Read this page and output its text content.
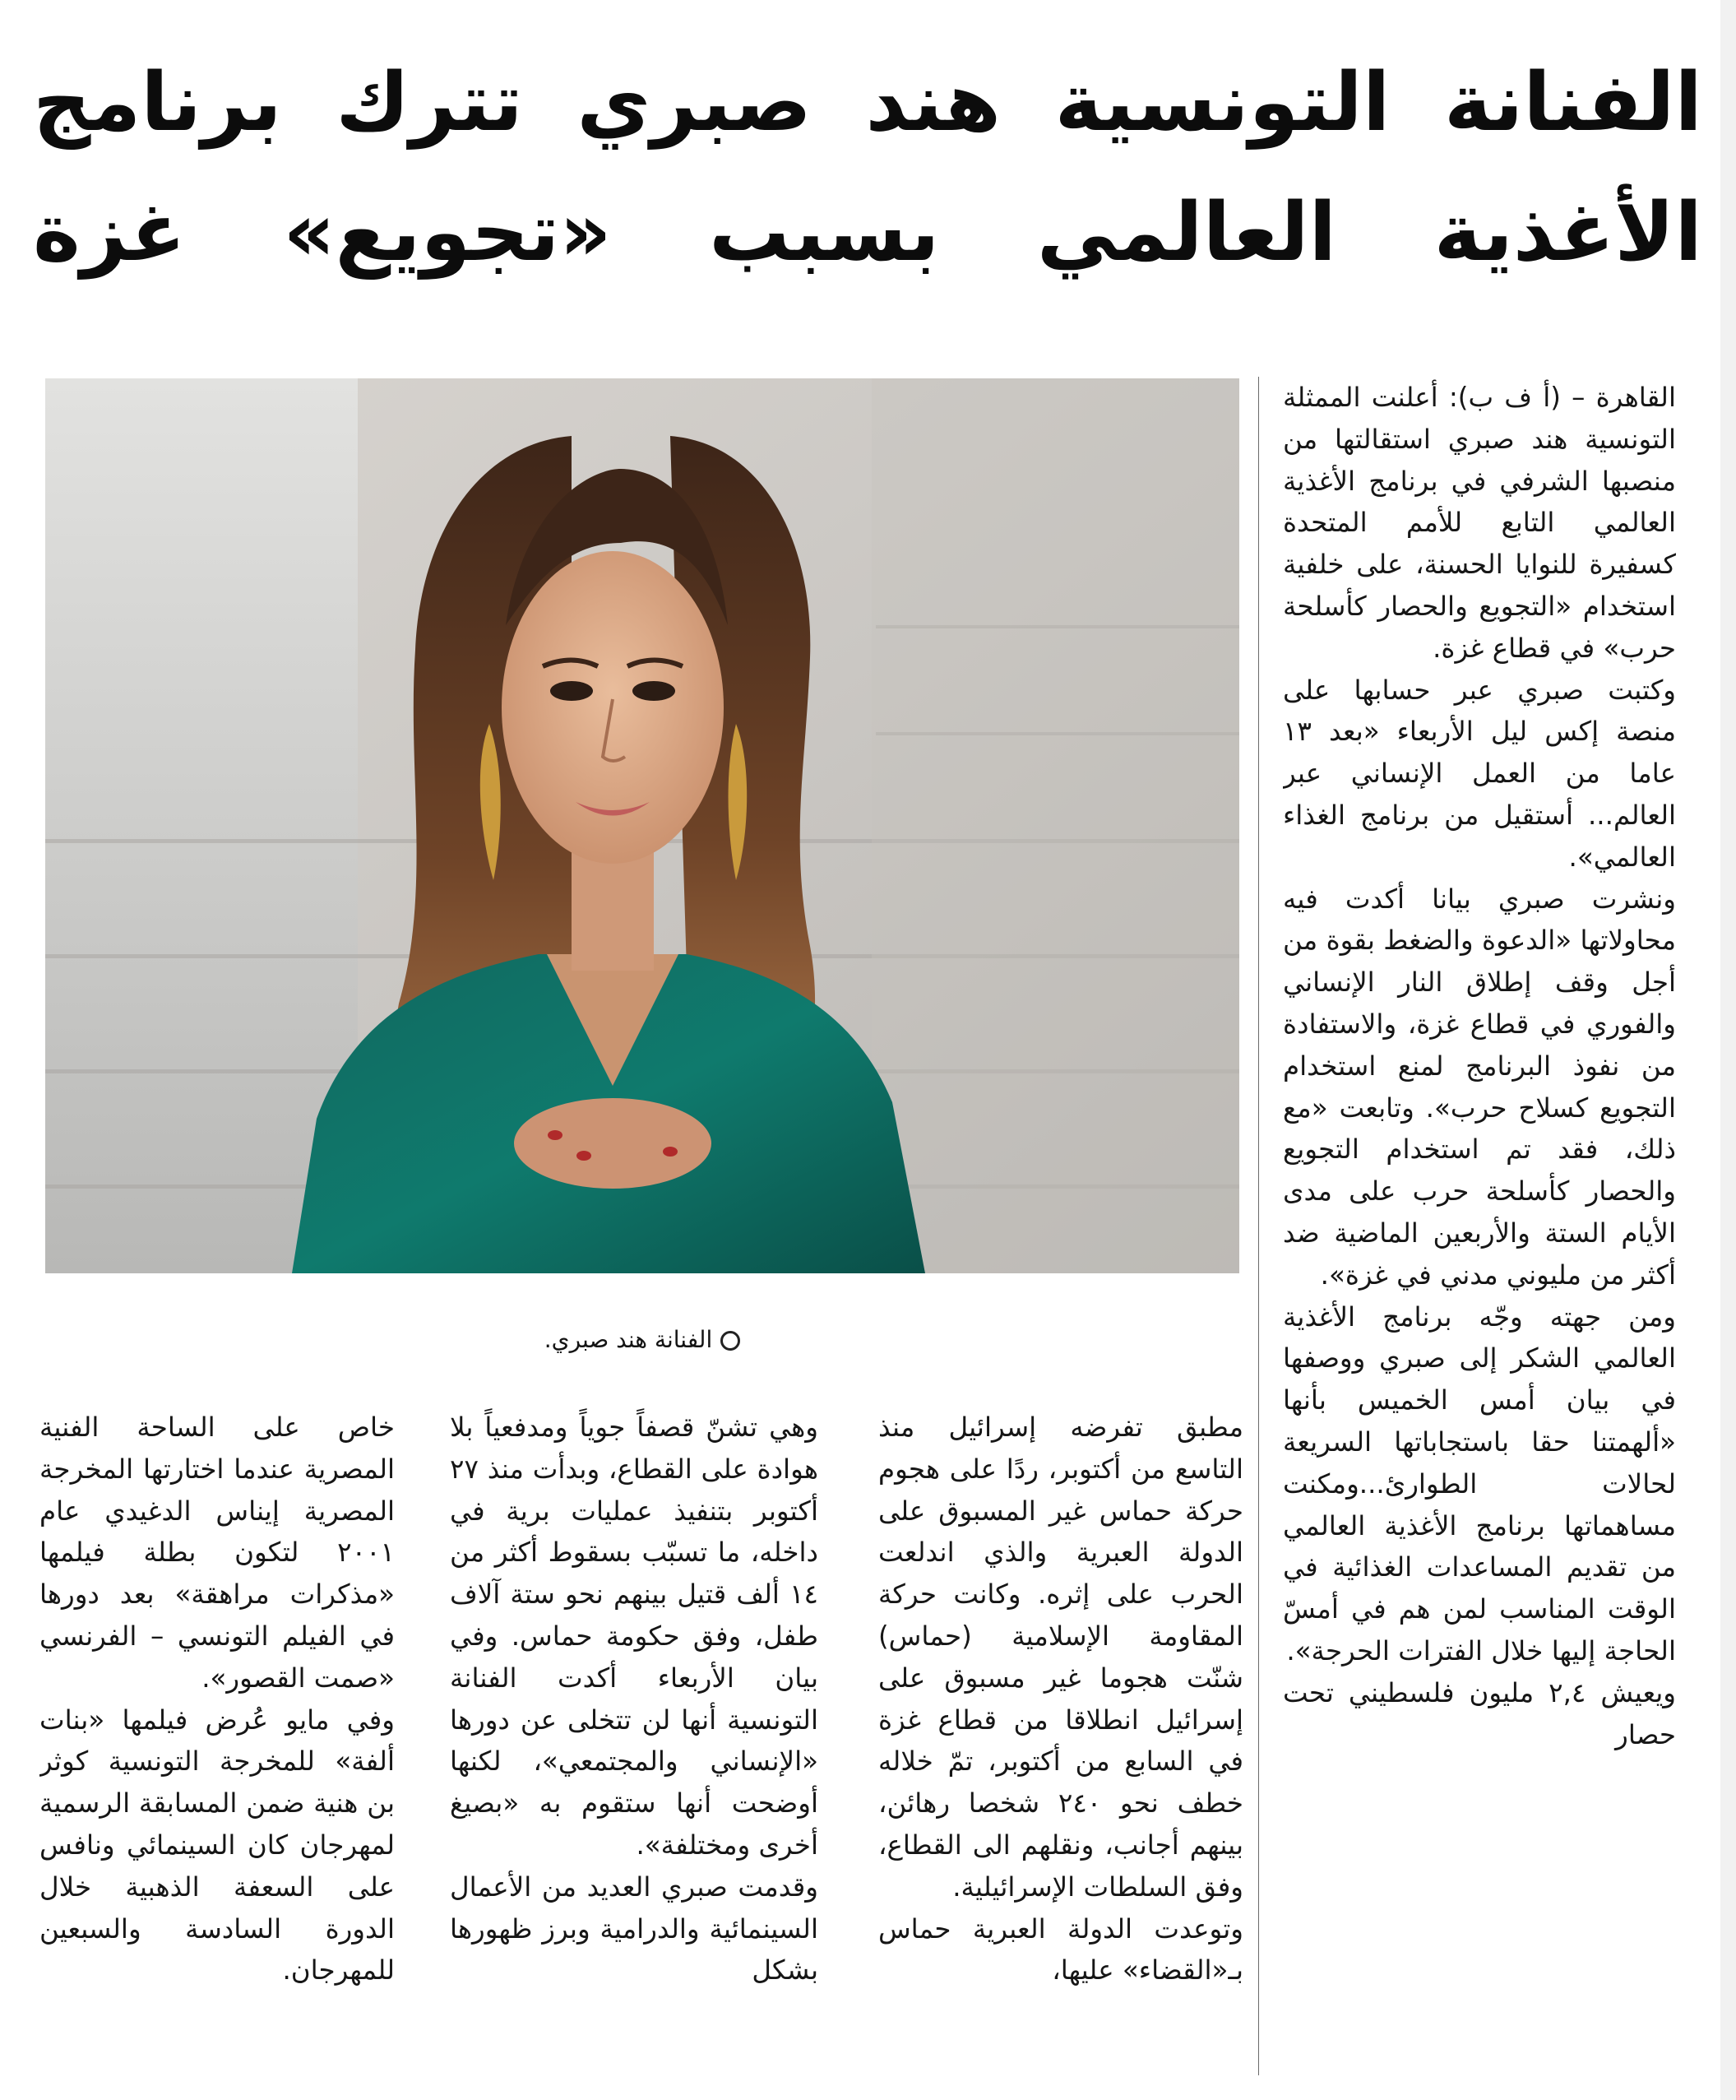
الفنانة التونسية هند صبري تترك برنامج
الأغذية العالمي بسبب «تجويع» غزة
الفنانة هند صبري.

القاهرة – (أ ف ب): أعلنت الممثلة التونسية هند صبري استقالتها من منصبها الشرفي في برنامج الأغذية العالمي التابع للأمم المتحدة كسفيرة للنوايا الحسنة، على خلفية استخدام «التجويع والحصار كأسلحة حرب» في قطاع غزة.

وكتبت صبري عبر حسابها على منصة إكس ليل الأربعاء «بعد ١٣ عاما من العمل الإنساني عبر العالم... أستقيل من برنامج الغذاء العالمي».

ونشرت صبري بيانا أكدت فيه محاولاتها «الدعوة والضغط بقوة من أجل وقف إطلاق النار الإنساني والفوري في قطاع غزة، والاستفادة من نفوذ البرنامج لمنع استخدام التجويع كسلاح حرب». وتابعت «مع ذلك، فقد تم استخدام التجويع والحصار كأسلحة حرب على مدى الأيام الستة والأربعين الماضية ضد أكثر من مليوني مدني في غزة».

ومن جهته وجّه برنامج الأغذية العالمي الشكر إلى صبري ووصفها في بيان أمس الخميس بأنها «ألهمتنا حقا باستجاباتها السريعة لحالات الطوارئ...ومكنت مساهماتها برنامج الأغذية العالمي من تقديم المساعدات الغذائية في الوقت المناسب لمن هم في أمسّ الحاجة إليها خلال الفترات الحرجة».

ويعيش ٢,٤ مليون فلسطيني تحت حصار

مطبق تفرضه إسرائيل منذ التاسع من أكتوبر، ردًا على هجوم حركة حماس غير المسبوق على الدولة العبرية والذي اندلعت الحرب على إثره. وكانت حركة المقاومة الإسلامية (حماس) شنّت هجوما غير مسبوق على إسرائيل انطلاقا من قطاع غزة في السابع من أكتوبر، تمّ خلاله خطف نحو ٢٤٠ شخصا رهائن، بينهم أجانب، ونقلهم الى القطاع، وفق السلطات الإسرائيلية.

وتوعدت الدولة العبرية حماس بـ«القضاء» عليها،

وهي تشنّ قصفاً جوياً ومدفعياً بلا هوادة على القطاع، وبدأت منذ ٢٧ أكتوبر بتنفيذ عمليات برية في داخله، ما تسبّب بسقوط أكثر من ١٤ ألف قتيل بينهم نحو ستة آلاف طفل، وفق حكومة حماس. وفي بيان الأربعاء أكدت الفنانة التونسية أنها لن تتخلى عن دورها «الإنساني والمجتمعي»، لكنها أوضحت أنها ستقوم به «بصيغ أخرى ومختلفة».

وقدمت صبري العديد من الأعمال السينمائية والدرامية وبرز ظهورها بشكل

خاص على الساحة الفنية المصرية عندما اختارتها المخرجة المصرية إيناس الدغيدي عام ٢٠٠١ لتكون بطلة فيلمها «مذكرات مراهقة» بعد دورها في الفيلم التونسي – الفرنسي «صمت القصور».

وفي مايو عُرض فيلمها «بنات ألفة» للمخرجة التونسية كوثر بن هنية ضمن المسابقة الرسمية لمهرجان كان السينمائي ونافس على السعفة الذهبية خلال الدورة السادسة والسبعين للمهرجان.
